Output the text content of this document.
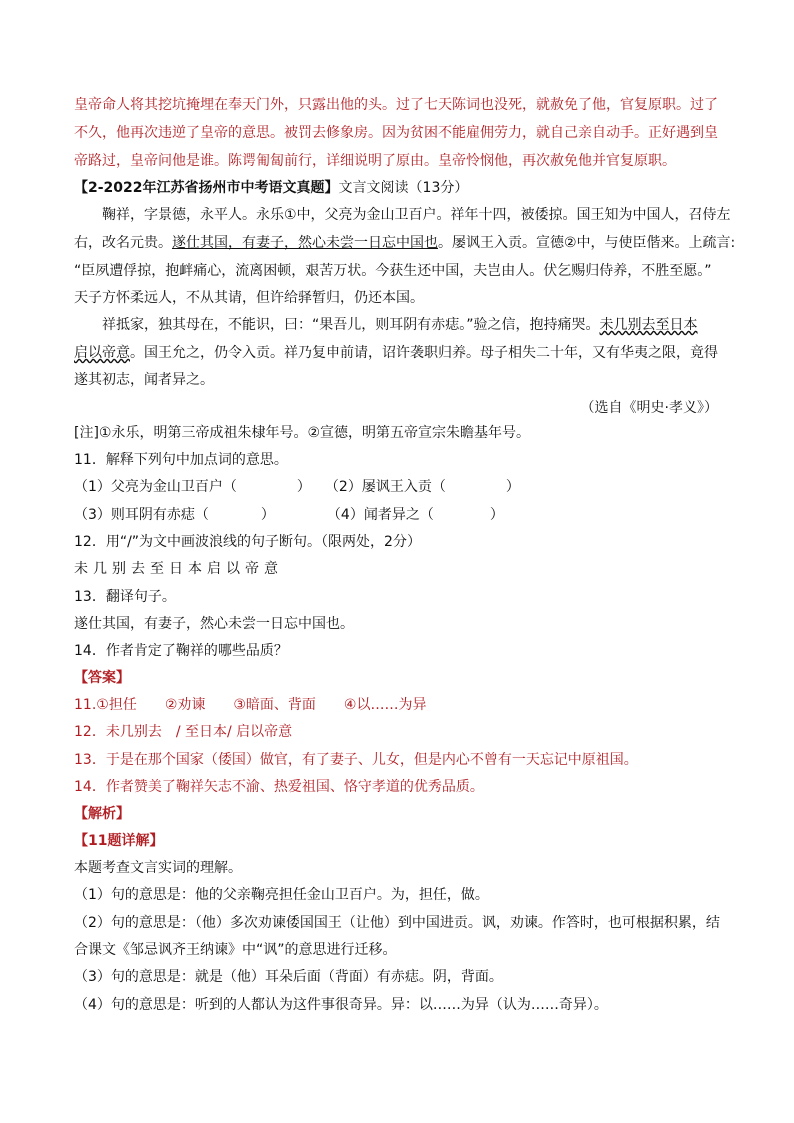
皇帝命人将其挖坑掩埋在奉天门外，只露出他的头。过了七天陈词也没死，就赦免了他，官复原职。过了
不久，他再次违逆了皇帝的意思。被罚去修象房。因为贫困不能雇佣劳力，就自己亲自动手。正好遇到皇
帝路过，皇帝问他是谁。陈谔匍匐前行，详细说明了原由。皇帝怜悯他，再次赦免他并官复原职。
【2-2022年江苏省扬州市中考语文真题】文言文阅读（13分）
鞠祥，字景德，永平人。永乐①中，父亮为金山卫百户。祥年十四，被倭掠。国王知为中国人，召侍左
右，改名元贵。遂仕其国，有妻子，然心未尝一日忘中国也。屡讽王入贡。宣德②中，与使臣偕来。上疏言:
“臣夙遭俘掠，抱衅痛心，流离困顿，艰苦万状。今获生还中国，夫岂由人。伏乞赐归侍养，不胜至愿。”
天子方怀柔远人，不从其请，但许给驿暂归，仍还本国。
祥抵家，独其母在，不能识，曰：“果吾儿，则耳阴有赤痣。”验之信，抱持痛哭。未几别去至日本
启以帝意。国王允之，仍令入贡。祥乃复申前请，诏许袭职归养。母子相失二十年，又有华夷之限，竟得
遂其初志，闻者异之。
（选自《明史·孝义》）
[注]①永乐，明第三帝成祖朱棣年号。②宣德，明第五帝宣宗朱瞻基年号。
11．解释下列句中加点词的意思。
（1）父亮为金山卫百户（	） （2）屡讽王入贡（	）
（3）则耳阴有赤痣（	）	（4）闻者异之（	）
12．用“/”为文中画波浪线的句子断句。（限两处，2分）
未几别去至日本启以帝意
13．翻译句子。
遂仕其国，有妻子，然心未尝一日忘中国也。
14．作者肯定了鞠祥的哪些品质？
【答案】
11.①担任　　②劝谏　　③暗面、背面　　④以……为异
12．未几别去　/ 至日本/ 启以帝意
13．于是在那个国家（倭国）做官，有了妻子、儿女，但是内心不曾有一天忘记中原祖国。
14．作者赞美了鞠祥矢志不渝、热爱祖国、恪守孝道的优秀品质。
【解析】
【11题详解】
本题考查文言实词的理解。
（1）句的意思是：他的父亲鞠亮担任金山卫百户。为，担任，做。
（2）句的意思是：（他）多次劝谏倭国国王（让他）到中国进贡。讽，劝谏。作答时，也可根据积累，结
合课文《邹忌讽齐王纳谏》中“讽”的意思进行迁移。
（3）句的意思是：就是（他）耳朵后面（背面）有赤痣。阴，背面。
（4）句的意思是：听到的人都认为这件事很奇异。异：以……为异（认为……奇异）。
